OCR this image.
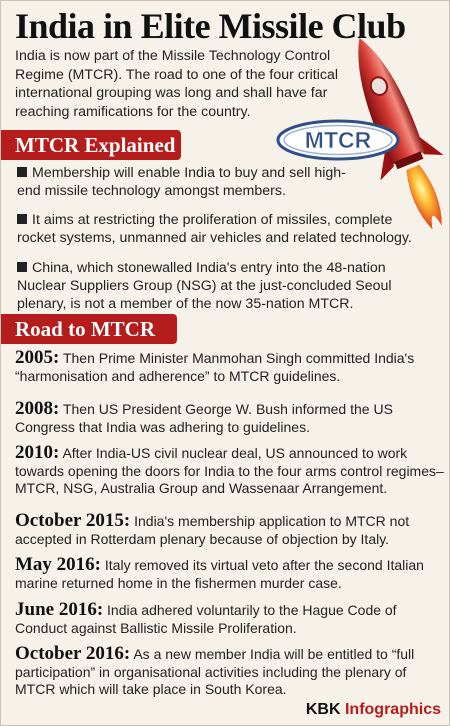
India in Elite Missile Club

India is now part of the Missile Technology Control Regime (MTCR). The road to one of the four critical international grouping was long and shall have far reaching ramifications for the country.

MTCR Explained	MTCR

Membership will enable India to buy and sell high-end missile technology amongst members.

It aims at restricting the proliferation of missiles, complete rocket systems, unmanned air vehicles and related technology.

China, which stonewalled India's entry into the 48-nation Nuclear Suppliers Group (NSG) at the just-concluded Seoul plenary, is not a member of the now 35-nation MTCR.

Road to MTCR

2005: Then Prime Minister Manmohan Singh committed India's “harmonisation and adherence” to MTCR guidelines.

2008: Then US President George W. Bush informed the US Congress that India was adhering to guidelines.

2010: After India-US civil nuclear deal, US announced to work towards opening the doors for India to the four arms control regimes– MTCR, NSG, Australia Group and Wassenaar Arrangement.

October 2015: India's membership application to MTCR not accepted in Rotterdam plenary because of objection by Italy.

May 2016: Italy removed its virtual veto after the second Italian marine returned home in the fishermen murder case.

June 2016: India adhered voluntarily to the Hague Code of Conduct against Ballistic Missile Proliferation.

October 2016: As a new member India will be entitled to “full participation” in organisational activities including the plenary of MTCR which will take place in South Korea.

KBK Infographics
